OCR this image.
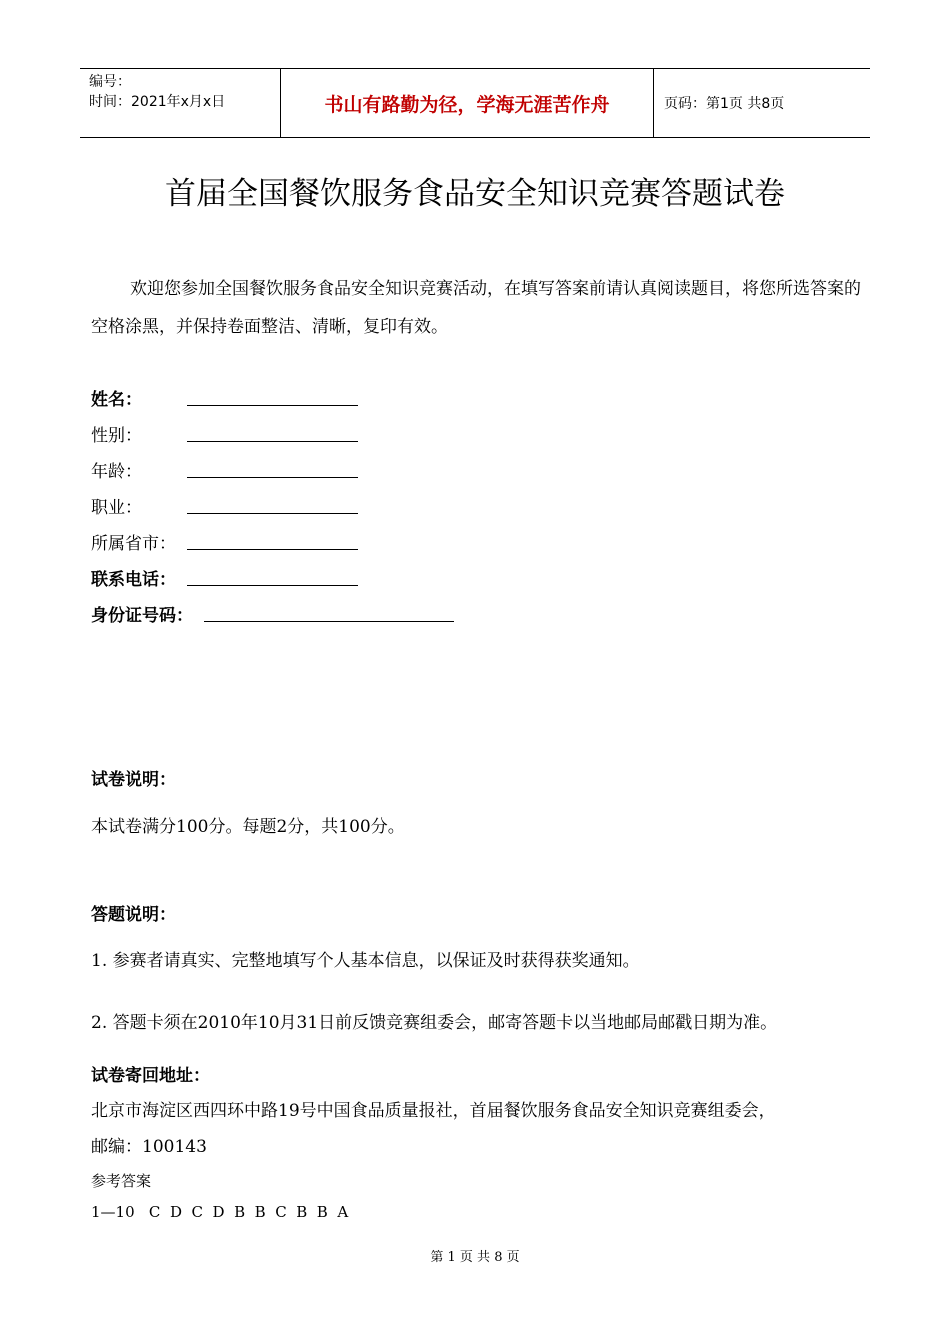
编号：
时间：2021年x月x日	书山有路勤为径，学海无涯苦作舟	页码：第1页 共8页
首届全国餐饮服务食品安全知识竞赛答题试卷
欢迎您参加全国餐饮服务食品安全知识竞赛活动，在填写答案前请认真阅读题目，将您所选答案的空格涂黑，并保持卷面整洁、清晰，复印有效。
姓名：
性别：
年龄：
职业：
所属省市：
联系电话：
身份证号码：
试卷说明：
本试卷满分100分。每题2分，共100分。
答题说明：
1. 参赛者请真实、完整地填写个人基本信息，以保证及时获得获奖通知。
2. 答题卡须在2010年10月31日前反馈竞赛组委会，邮寄答题卡以当地邮局邮戳日期为准。
试卷寄回地址：
北京市海淀区西四环中路19号中国食品质量报社，首届餐饮服务食品安全知识竞赛组委会，
邮编：100143
参考答案
1—10   C  D  C  D  B  B  C  B  B  A
第 1 页 共 8 页
